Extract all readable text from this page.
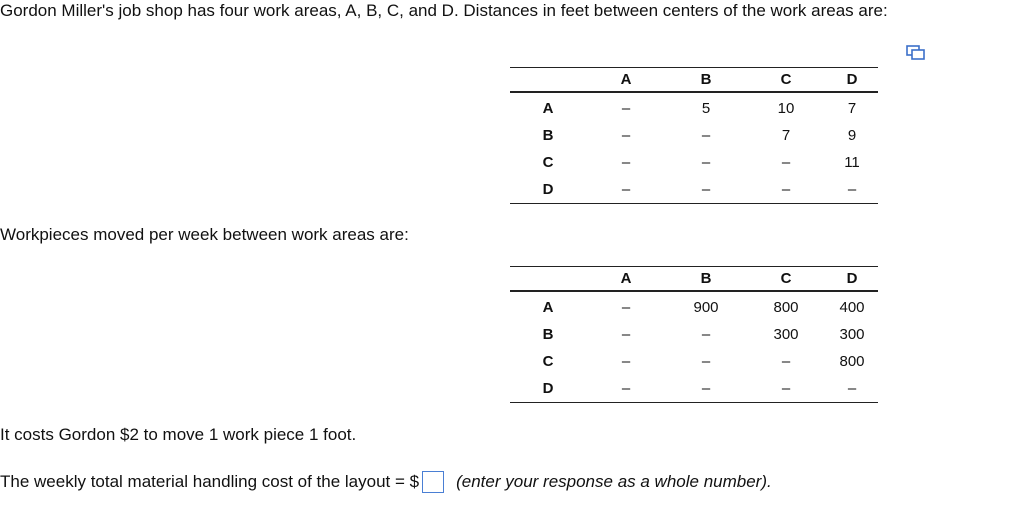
Gordon Miller's job shop has four work areas, A, B, C, and D. Distances in feet between centers of the work areas are:
	A	B	C	D
A	–	5	10	7
B	–	–	7	9
C	–	–	–	11
D	–	–	–	–
Workpieces moved per week between work areas are:
	A	B	C	D
A	–	900	800	400
B	–	–	300	300
C	–	–	–	800
D	–	–	–	–
It costs Gordon $2 to move 1 work piece 1 foot.
The weekly total material handling cost of the layout = $ (enter your response as a whole number).
